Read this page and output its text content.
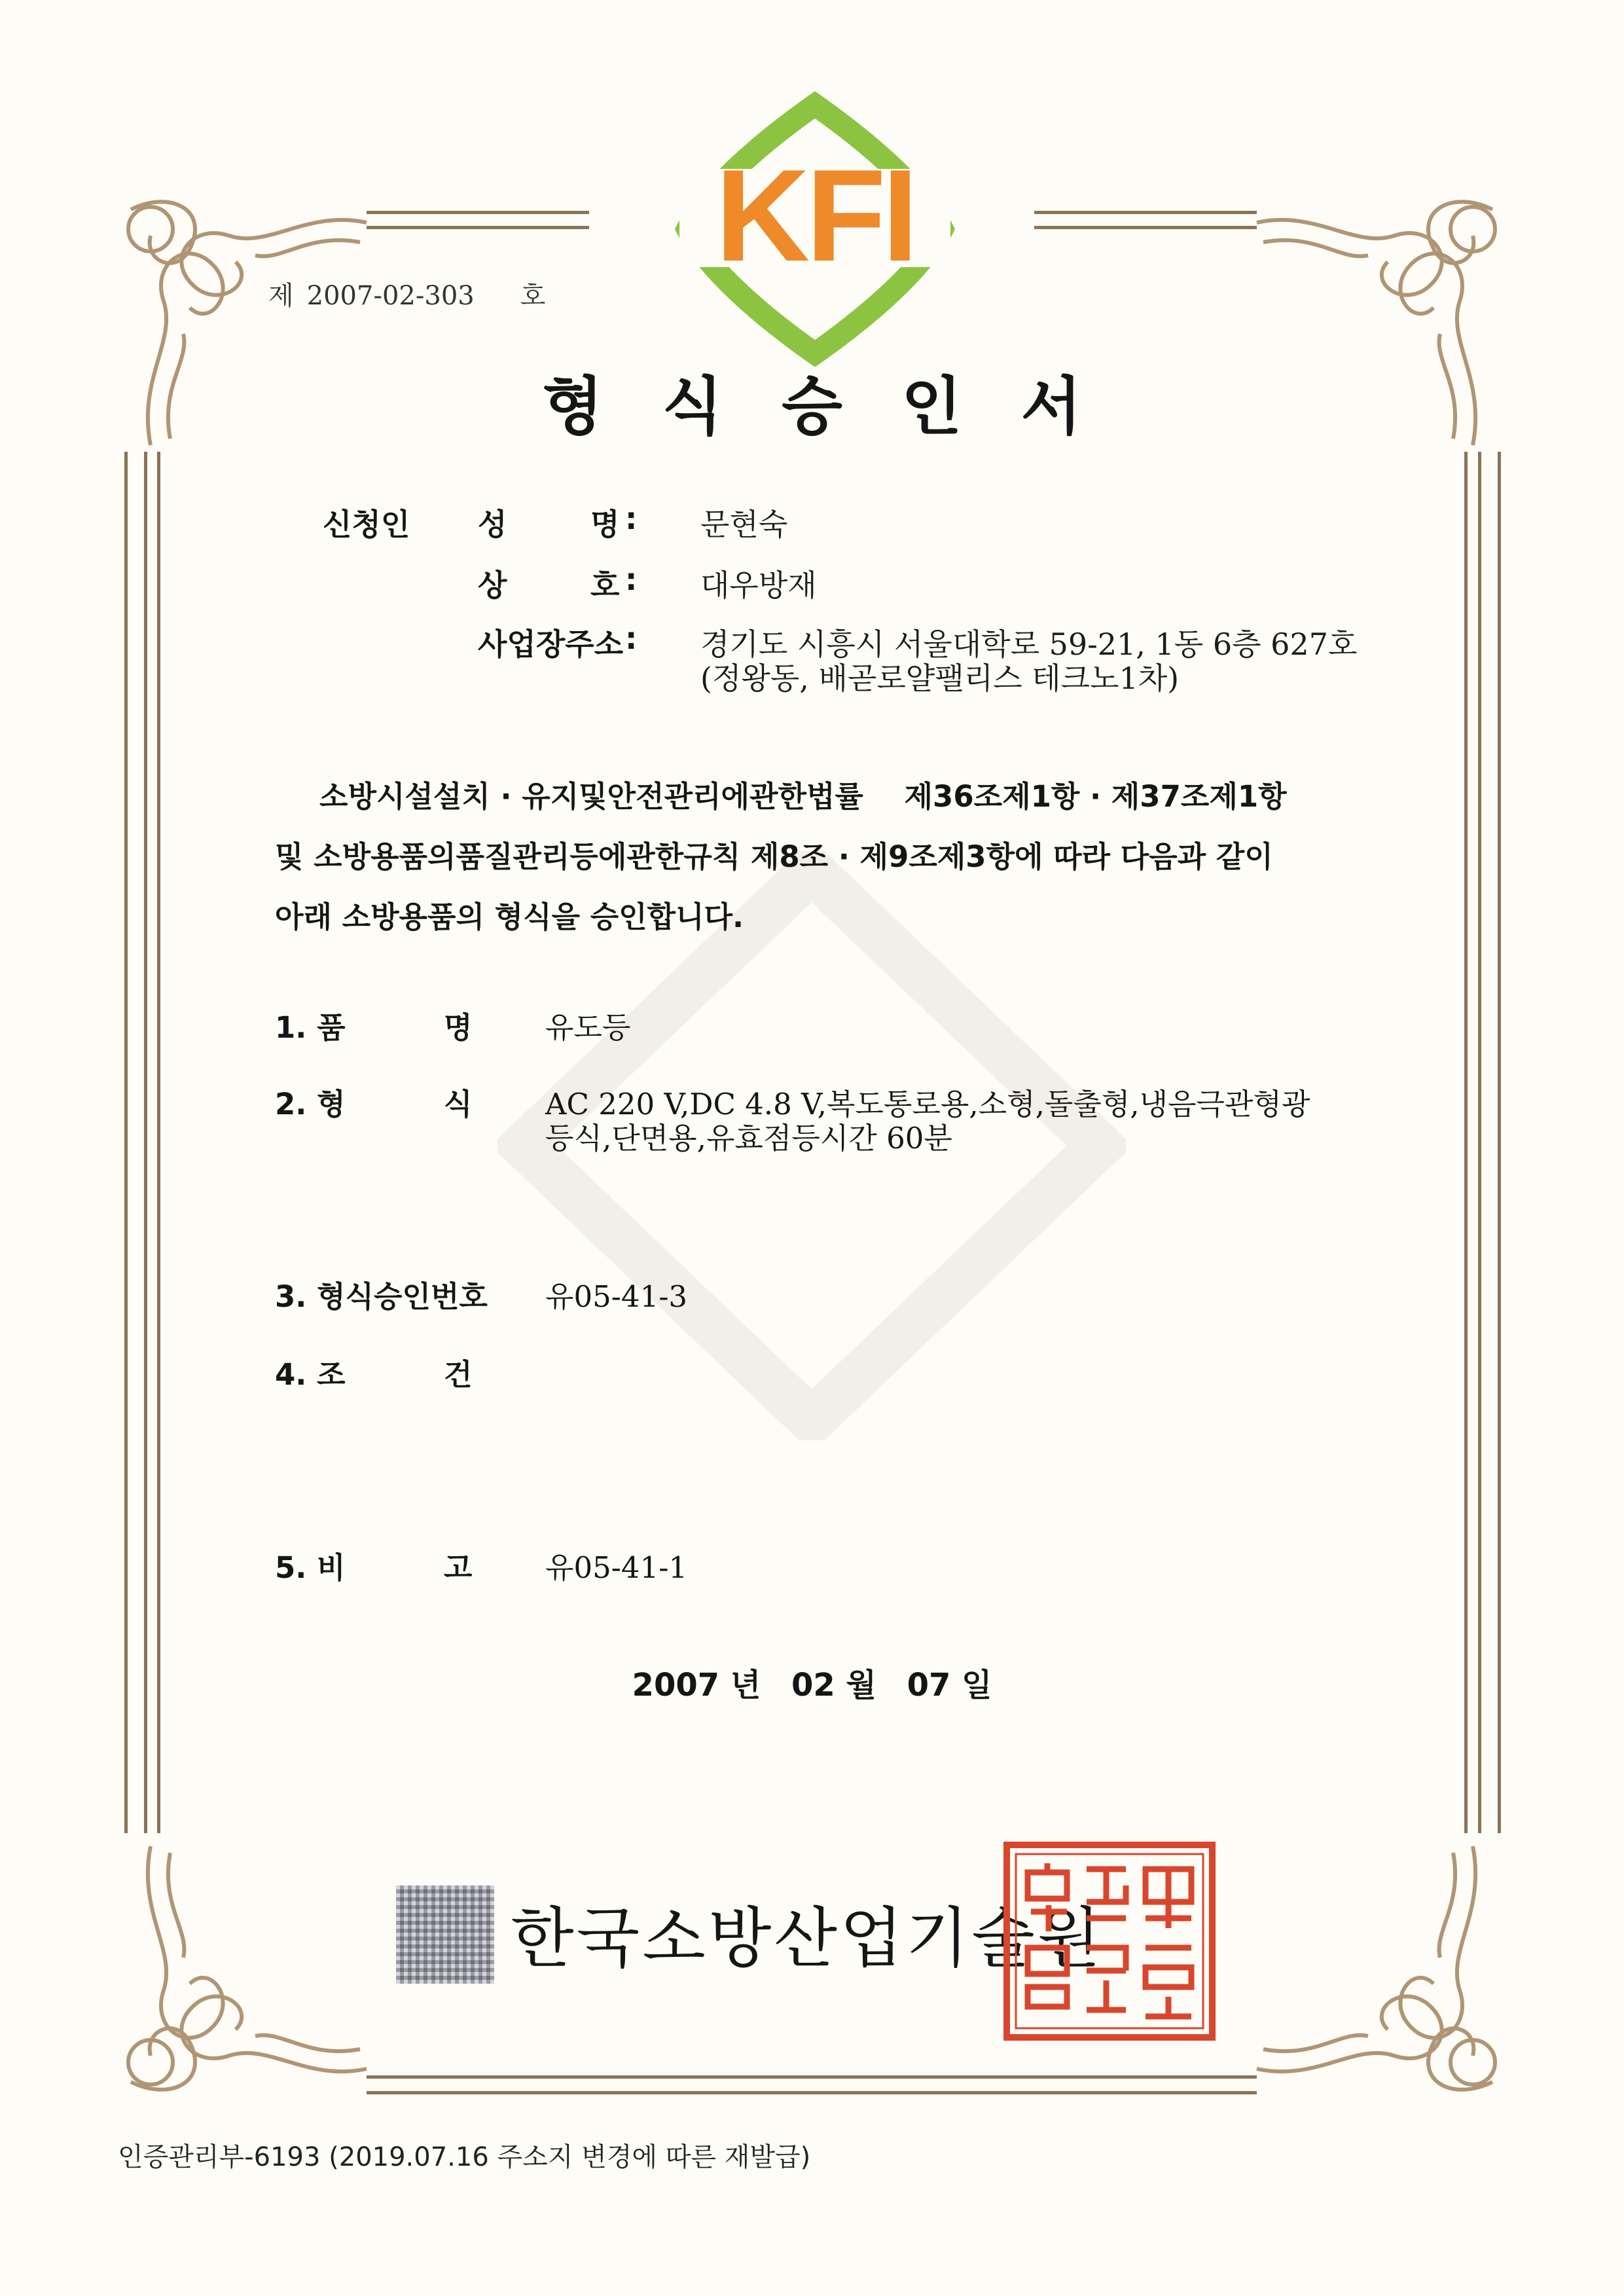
KFI
제 2007-02-303 호
형식승인서
신청인 성	명 : 문현숙
상	호 : 대우방재
사업장주소 : 경기도 시흥시 서울대학로 59-21, 1동 6층 627호
(정왕동, 배곧로얄팰리스 테크노1차)
소방시설설치 · 유지및안전관리에관한법률    제36조제1항 · 제37조제1항
및 소방용품의품질관리등에관한규칙 제8조 · 제9조제3항에 따라 다음과 같이
아래 소방용품의 형식을 승인합니다.
1. 품	명 유도등
2. 형	식 AC 220 V,DC 4.8 V,복도통로용,소형,돌출형,냉음극관형광
등식,단면용,유효점등시간 60분
3. 형식승인번호 유05-41-3
4. 조	건
5. 비	고 유05-41-1
2007 년 02 월 07 일
한국소방산업기술원
인증관리부-6193 (2019.07.16 주소지 변경에 따른 재발급)
